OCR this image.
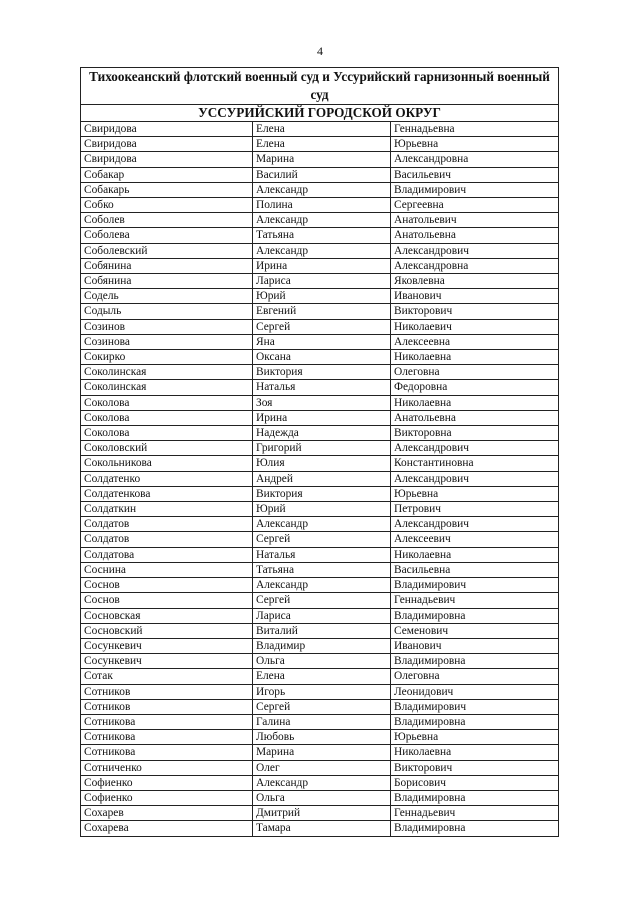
4
Тихоокеанский флотский военный суд и Уссурийский гарнизонный военный суд		
УССУРИЙСКИЙ ГОРОДСКОЙ ОКРУГ		
Свиридова	Елена	Геннадьевна
Свиридова	Елена	Юрьевна
Свиридова	Марина	Александровна
Собакар	Василий	Васильевич
Собакарь	Александр	Владимирович
Собко	Полина	Сергеевна
Соболев	Александр	Анатольевич
Соболева	Татьяна	Анатольевна
Соболевский	Александр	Александрович
Собянина	Ирина	Александровна
Собянина	Лариса	Яковлевна
Содель	Юрий	Иванович
Содыль	Евгений	Викторович
Созинов	Сергей	Николаевич
Созинова	Яна	Алексеевна
Сокирко	Оксана	Николаевна
Соколинская	Виктория	Олеговна
Соколинская	Наталья	Федоровна
Соколова	Зоя	Николаевна
Соколова	Ирина	Анатольевна
Соколова	Надежда	Викторовна
Соколовский	Григорий	Александрович
Сокольникова	Юлия	Константиновна
Солдатенко	Андрей	Александрович
Солдатенкова	Виктория	Юрьевна
Солдаткин	Юрий	Петрович
Солдатов	Александр	Александрович
Солдатов	Сергей	Алексеевич
Солдатова	Наталья	Николаевна
Соснина	Татьяна	Васильевна
Соснов	Александр	Владимирович
Соснов	Сергей	Геннадьевич
Сосновская	Лариса	Владимировна
Сосновский	Виталий	Семенович
Сосункевич	Владимир	Иванович
Сосункевич	Ольга	Владимировна
Сотак	Елена	Олеговна
Сотников	Игорь	Леонидович
Сотников	Сергей	Владимирович
Сотникова	Галина	Владимировна
Сотникова	Любовь	Юрьевна
Сотникова	Марина	Николаевна
Сотниченко	Олег	Викторович
Софиенко	Александр	Борисович
Софиенко	Ольга	Владимировна
Сохарев	Дмитрий	Геннадьевич
Сохарева	Тамара	Владимировна
